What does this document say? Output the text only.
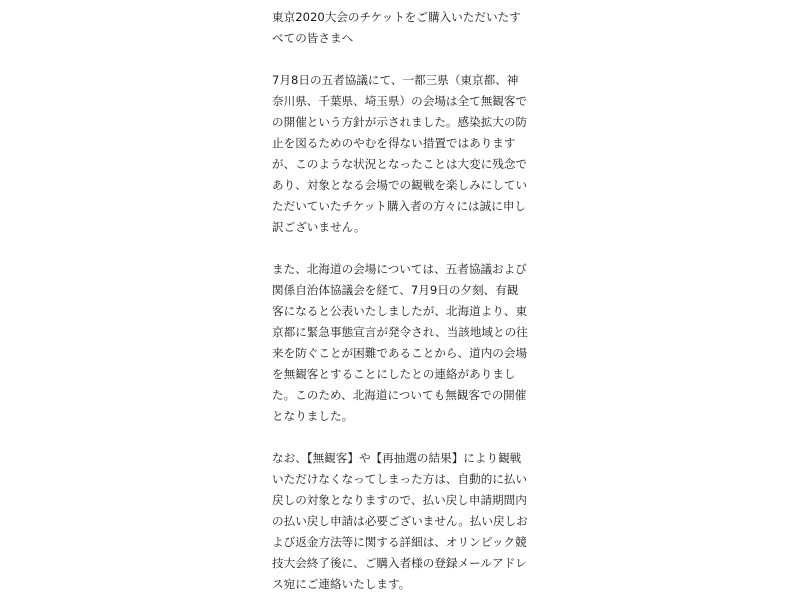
東京2020大会のチケットをご購入いただいたすべての皆さまへ

7月8日の五者協議にて、一都三県（東京都、神奈川県、千葉県、埼玉県）の会場は全て無観客での開催という方針が示されました。感染拡大の防止を図るためのやむを得ない措置ではありますが、このような状況となったことは大変に残念であり、対象となる会場での観戦を楽しみにしていただいていたチケット購入者の方々には誠に申し訳ございません。

また、北海道の会場については、五者協議および関係自治体協議会を経て、7月9日の夕刻、有観客になると公表いたしましたが、北海道より、東京都に緊急事態宣言が発令され、当該地域との往来を防ぐことが困難であることから、道内の会場を無観客とすることにしたとの連絡がありました。このため、北海道についても無観客での開催となりました。

なお、【無観客】や【再抽選の結果】により観戦いただけなくなってしまった方は、自動的に払い戻しの対象となりますので、払い戻し申請期間内の払い戻し申請は必要ございません。払い戻しおよび返金方法等に関する詳細は、オリンピック競技大会終了後に、ご購入者様の登録メールアドレス宛にご連絡いたします。
